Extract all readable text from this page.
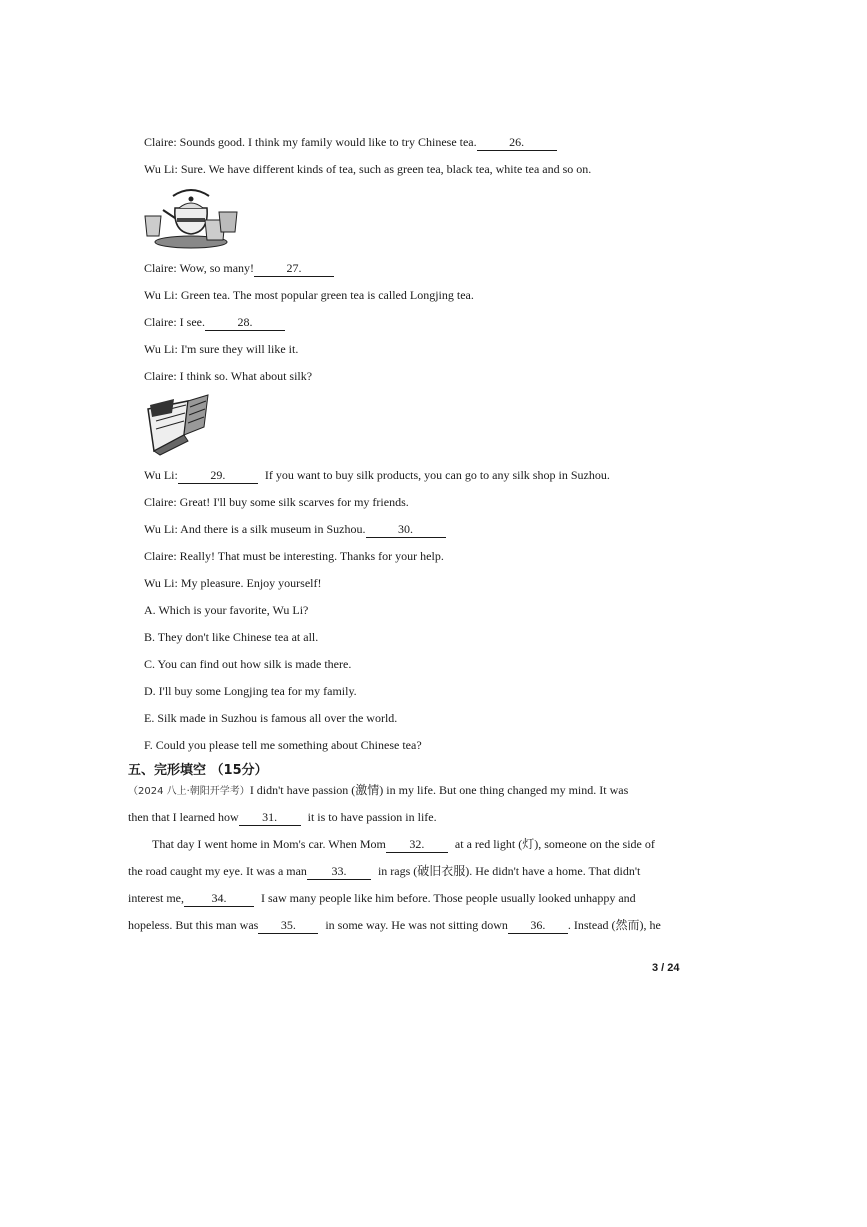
Claire: Sounds good. I think my family would like to try Chinese tea.	26.
Wu Li: Sure. We have different kinds of tea, such as green tea, black tea, white tea and so on.
Claire: Wow, so many!	27.
Wu Li: Green tea. The most popular green tea is called Longjing tea.
Claire: I see.	28.
Wu Li: I'm sure they will like it.
Claire: I think so. What about silk?
Wu Li:	29.	If you want to buy silk products, you can go to any silk shop in Suzhou.
Claire: Great! I'll buy some silk scarves for my friends.
Wu Li: And there is a silk museum in Suzhou.	30.
Claire: Really! That must be interesting. Thanks for your help.
Wu Li: My pleasure. Enjoy yourself!
A. Which is your favorite, Wu Li?
B. They don't like Chinese tea at all.
C. You can find out how silk is made there.
D. I'll buy some Longjing tea for my family.
E. Silk made in Suzhou is famous all over the world.
F. Could you please tell me something about Chinese tea?
五、完形填空 （15分）
（2024 八上·朝阳开学考）I didn't have passion (激情) in my life. But one thing changed my mind. It was
then that I learned how 31. it is to have passion in life.
That day I went home in Mom's car. When Mom 32. at a red light (灯), someone on the side of
the road caught my eye. It was a man 33. in rags (破旧衣服). He didn't have a home. That didn't
interest me, 34.	I saw many people like him before. Those people usually looked unhappy and
hopeless. But this man was 35. in some way. He was not sitting down 36. . Instead (然而), he
3 / 24
